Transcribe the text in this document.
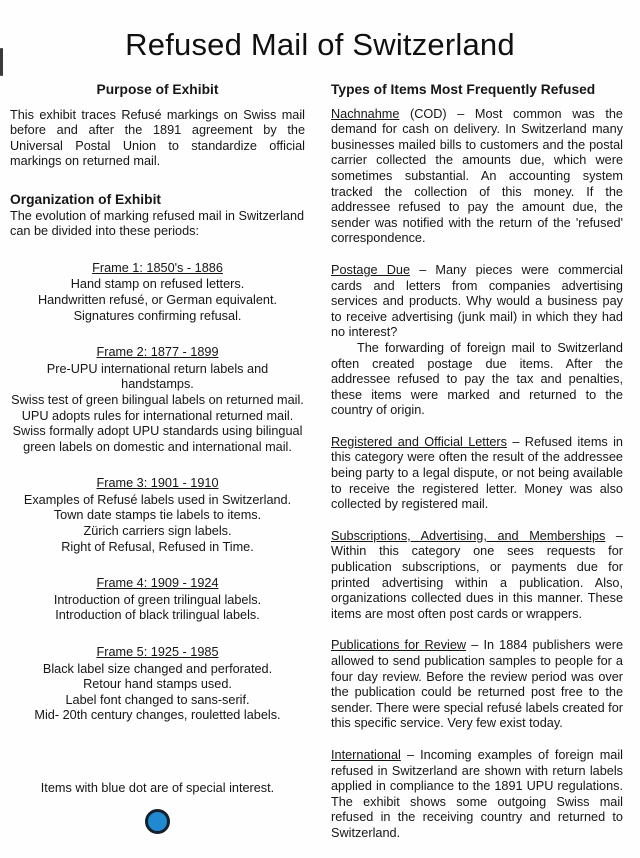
Refused Mail of Switzerland
Purpose of Exhibit

This exhibit traces Refusé markings on Swiss mail before and after the 1891 agreement by the Universal Postal Union to standardize official markings on returned mail.

Organization of Exhibit

The evolution of marking refused mail in Switzerland can be divided into these periods:

Frame 1: 1850's - 1886
Hand stamp on refused letters.
Handwritten refusé, or German equivalent.
Signatures confirming refusal.
Frame 2: 1877 - 1899
Pre-UPU international return labels and handstamps.
Swiss test of green bilingual labels on returned mail.
UPU adopts rules for international returned mail.
Swiss formally adopt UPU standards using bilingual green labels on domestic and international mail.
Frame 3: 1901 - 1910
Examples of Refusé labels used in Switzerland.
Town date stamps tie labels to items.
Zürich carriers sign labels.
Right of Refusal, Refused in Time.
Frame 4: 1909 - 1924
Introduction of green trilingual labels.
Introduction of black trilingual labels.
Frame 5: 1925 - 1985
Black label size changed and perforated.
Retour hand stamps used.
Label font changed to sans-serif.
Mid- 20th century changes, rouletted labels.
Items with blue dot are of special interest.
Types of Items Most Frequently Refused

Nachnahme (COD) – Most common was the demand for cash on delivery. In Switzerland many businesses mailed bills to customers and the postal carrier collected the amounts due, which were sometimes substantial. An accounting system tracked the collection of this money. If the addressee refused to pay the amount due, the sender was notified with the return of the 'refused' correspondence.

Postage Due – Many pieces were commercial cards and letters from companies advertising services and products. Why would a business pay to receive advertising (junk mail) in which they had no interest?
The forwarding of foreign mail to Switzerland often created postage due items. After the addressee refused to pay the tax and penalties, these items were marked and returned to the country of origin.

Registered and Official Letters – Refused items in this category were often the result of the addressee being party to a legal dispute, or not being available to receive the registered letter. Money was also collected by registered mail.

Subscriptions, Advertising, and Memberships – Within this category one sees requests for publication subscriptions, or payments due for printed advertising within a publication. Also, organizations collected dues in this manner. These items are most often post cards or wrappers.

Publications for Review – In 1884 publishers were allowed to send publication samples to people for a four day review. Before the review period was over the publication could be returned post free to the sender. There were special refusé labels created for this specific service. Very few exist today.

International – Incoming examples of foreign mail refused in Switzerland are shown with return labels applied in compliance to the 1891 UPU regulations. The exhibit shows some outgoing Swiss mail refused in the receiving country and returned to Switzerland.
